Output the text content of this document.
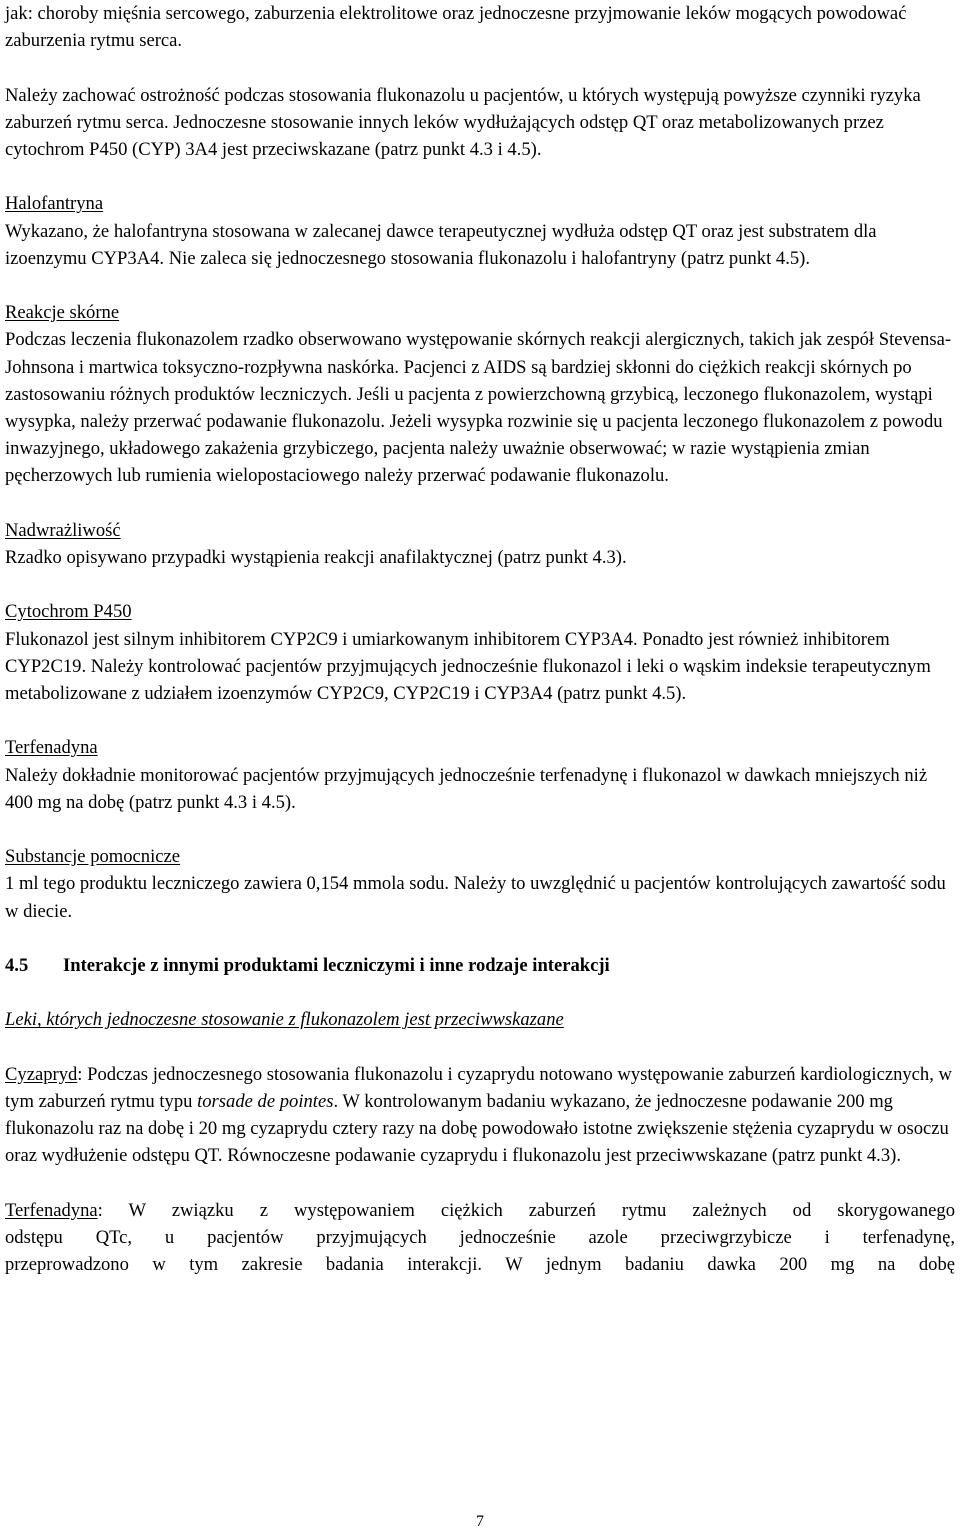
jak: choroby mięśnia sercowego, zaburzenia elektrolitowe oraz jednoczesne przyjmowanie leków mogących powodować zaburzenia rytmu serca.

Należy zachować ostrożność podczas stosowania flukonazolu u pacjentów, u których występują powyższe czynniki ryzyka zaburzeń rytmu serca. Jednoczesne stosowanie innych leków wydłużających odstęp QT oraz metabolizowanych przez cytochrom P450 (CYP) 3A4 jest przeciwskazane (patrz punkt 4.3 i 4.5).

Halofantryna
Wykazano, że halofantryna stosowana w zalecanej dawce terapeutycznej wydłuża odstęp QT oraz jest substratem dla izoenzymu CYP3A4. Nie zaleca się jednoczesnego stosowania flukonazolu i halofantryny (patrz punkt 4.5).

Reakcje skórne
Podczas leczenia flukonazolem rzadko obserwowano występowanie skórnych reakcji alergicznych, takich jak zespół Stevensa-Johnsona i martwica toksyczno-rozpływna naskórka. Pacjenci z AIDS są bardziej skłonni do ciężkich reakcji skórnych po zastosowaniu różnych produktów leczniczych. Jeśli u pacjenta z powierzchowną grzybicą, leczonego flukonazolem, wystąpi wysypka, należy przerwać podawanie flukonazolu. Jeżeli wysypka rozwinie się u pacjenta leczonego flukonazolem z powodu inwazyjnego, układowego zakażenia grzybiczego, pacjenta należy uważnie obserwować; w razie wystąpienia zmian pęcherzowych lub rumienia wielopostaciowego należy przerwać podawanie flukonazolu.

Nadwrażliwość
Rzadko opisywano przypadki wystąpienia reakcji anafilaktycznej (patrz punkt 4.3).

Cytochrom P450
Flukonazol jest silnym inhibitorem CYP2C9 i umiarkowanym inhibitorem CYP3A4. Ponadto jest również inhibitorem CYP2C19. Należy kontrolować pacjentów przyjmujących jednocześnie flukonazol i leki o wąskim indeksie terapeutycznym metabolizowane z udziałem izoenzymów CYP2C9, CYP2C19 i CYP3A4 (patrz punkt 4.5).

Terfenadyna
Należy dokładnie monitorować pacjentów przyjmujących jednocześnie terfenadynę i flukonazol w dawkach mniejszych niż 400 mg na dobę (patrz punkt 4.3 i 4.5).

Substancje pomocnicze
1 ml tego produktu leczniczego zawiera 0,154 mmola sodu. Należy to uwzględnić u pacjentów kontrolujących zawartość sodu w diecie.

4.5 Interakcje z innymi produktami leczniczymi i inne rodzaje interakcji

Leki, których jednoczesne stosowanie z flukonazolem jest przeciwwskazane

Cyzapryd: Podczas jednoczesnego stosowania flukonazolu i cyzaprydu notowano występowanie zaburzeń kardiologicznych, w tym zaburzeń rytmu typu torsade de pointes. W kontrolowanym badaniu wykazano, że jednoczesne podawanie 200 mg flukonazolu raz na dobę i 20 mg cyzaprydu cztery razy na dobę powodowało istotne zwiększenie stężenia cyzaprydu w osoczu oraz wydłużenie odstępu QT. Równoczesne podawanie cyzaprydu i flukonazolu jest przeciwwskazane (patrz punkt 4.3).

Terfenadyna: W związku z występowaniem ciężkich zaburzeń rytmu zależnych od skorygowanego
odstępu QTc, u pacjentów przyjmujących jednocześnie azole przeciwgrzybicze i terfenadynę,
przeprowadzono w tym zakresie badania interakcji. W jednym badaniu dawka 200 mg na dobę
7
